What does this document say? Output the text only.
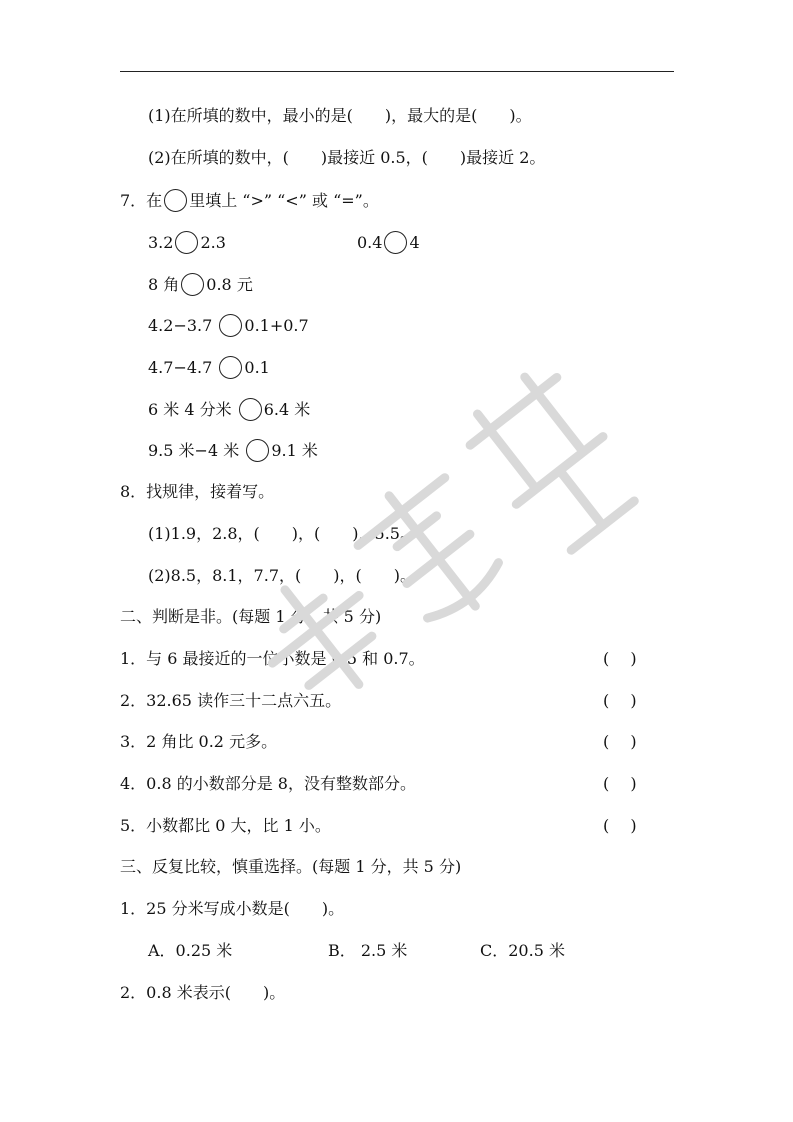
(1)在所填的数中，最小的是(　　)，最大的是(　　)。
(2)在所填的数中，(　　)最接近 0.5，(　　)最接近 2。
7．在 里填上 “>” “<” 或 “=”。
3.2 2.3	0.4 4
8 角 0.8 元
4.2−3.7 0.1+0.7
4.7−4.7 0.1
6 米 4 分米 6.4 米
9.5 米−4 米 9.1 米
8．找规律，接着写。
(1)1.9，2.8，(　　)，(　　)，5.5。
(2)8.5，8.1，7.7，(　　)，(　　)。
二、判断是非。(每题 1 分，共 5 分)
1．与 6 最接近的一位小数是 0.5 和 0.7。	(　 )
2．32.65 读作三十二点六五。	(　 )
3．2 角比 0.2 元多。	(　 )
4．0.8 的小数部分是 8，没有整数部分。	(　 )
5．小数都比 0 大，比 1 小。	(　 )
三、反复比较，慎重选择。(每题 1 分，共 5 分)
1．25 分米写成小数是(　　)。
A．0.25 米	B． 2.5 米	C．20.5 米
2．0.8 米表示(　　)。
